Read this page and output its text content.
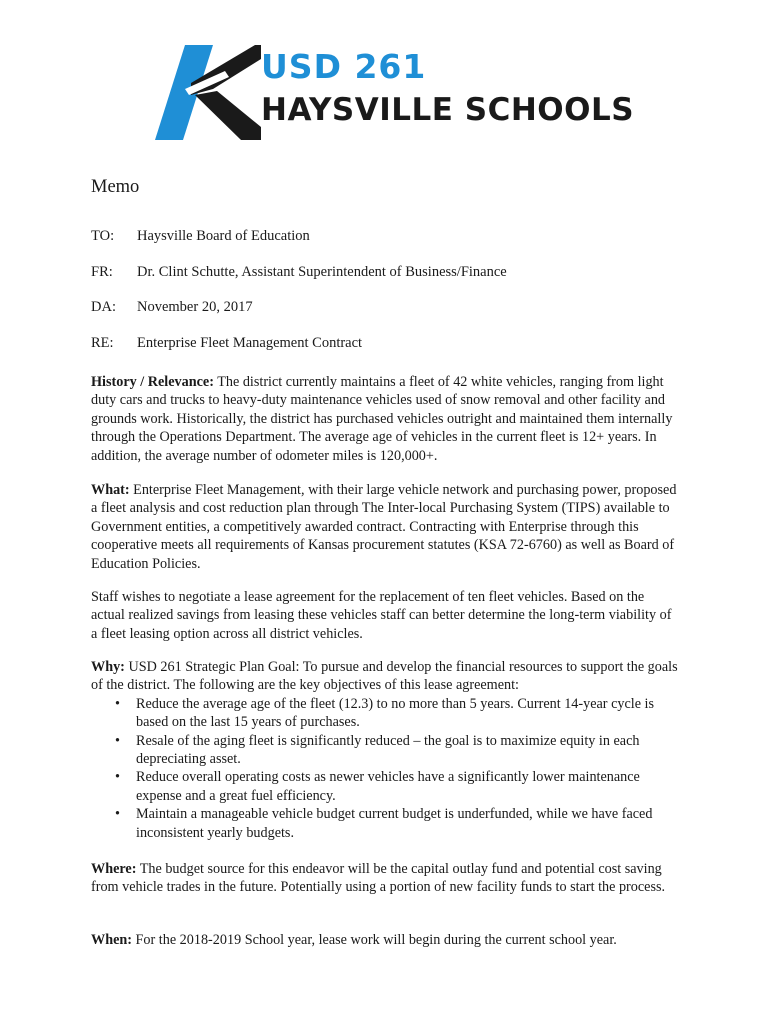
USD 261
HAYSVILLE SCHOOLS
Memo
TO: Haysville Board of Education
FR: Dr. Clint Schutte, Assistant Superintendent of Business/Finance
DA: November 20, 2017
RE: Enterprise Fleet Management Contract

History / Relevance: The district currently maintains a fleet of 42 white vehicles, ranging from light duty cars and trucks to heavy-duty maintenance vehicles used of snow removal and other facility and grounds work. Historically, the district has purchased vehicles outright and maintained them internally through the Operations Department. The average age of vehicles in the current fleet is 12+ years. In addition, the average number of odometer miles is 120,000+.

What: Enterprise Fleet Management, with their large vehicle network and purchasing power, proposed a fleet analysis and cost reduction plan through The Inter-local Purchasing System (TIPS) available to Government entities, a competitively awarded contract. Contracting with Enterprise through this cooperative meets all requirements of Kansas procurement statutes (KSA 72-6760) as well as Board of Education Policies.

Staff wishes to negotiate a lease agreement for the replacement of ten fleet vehicles. Based on the actual realized savings from leasing these vehicles staff can better determine the long-term viability of a fleet leasing option across all district vehicles.

Why: USD 261 Strategic Plan Goal: To pursue and develop the financial resources to support the goals of the district. The following are the key objectives of this lease agreement:

• Reduce the average age of the fleet (12.3) to no more than 5 years. Current 14-year cycle is based on the last 15 years of purchases.
• Resale of the aging fleet is significantly reduced – the goal is to maximize equity in each depreciating asset.
• Reduce overall operating costs as newer vehicles have a significantly lower maintenance expense and a great fuel efficiency.
• Maintain a manageable vehicle budget current budget is underfunded, while we have faced inconsistent yearly budgets.

Where: The budget source for this endeavor will be the capital outlay fund and potential cost saving from vehicle trades in the future. Potentially using a portion of new facility funds to start the process.

When: For the 2018-2019 School year, lease work will begin during the current school year.
